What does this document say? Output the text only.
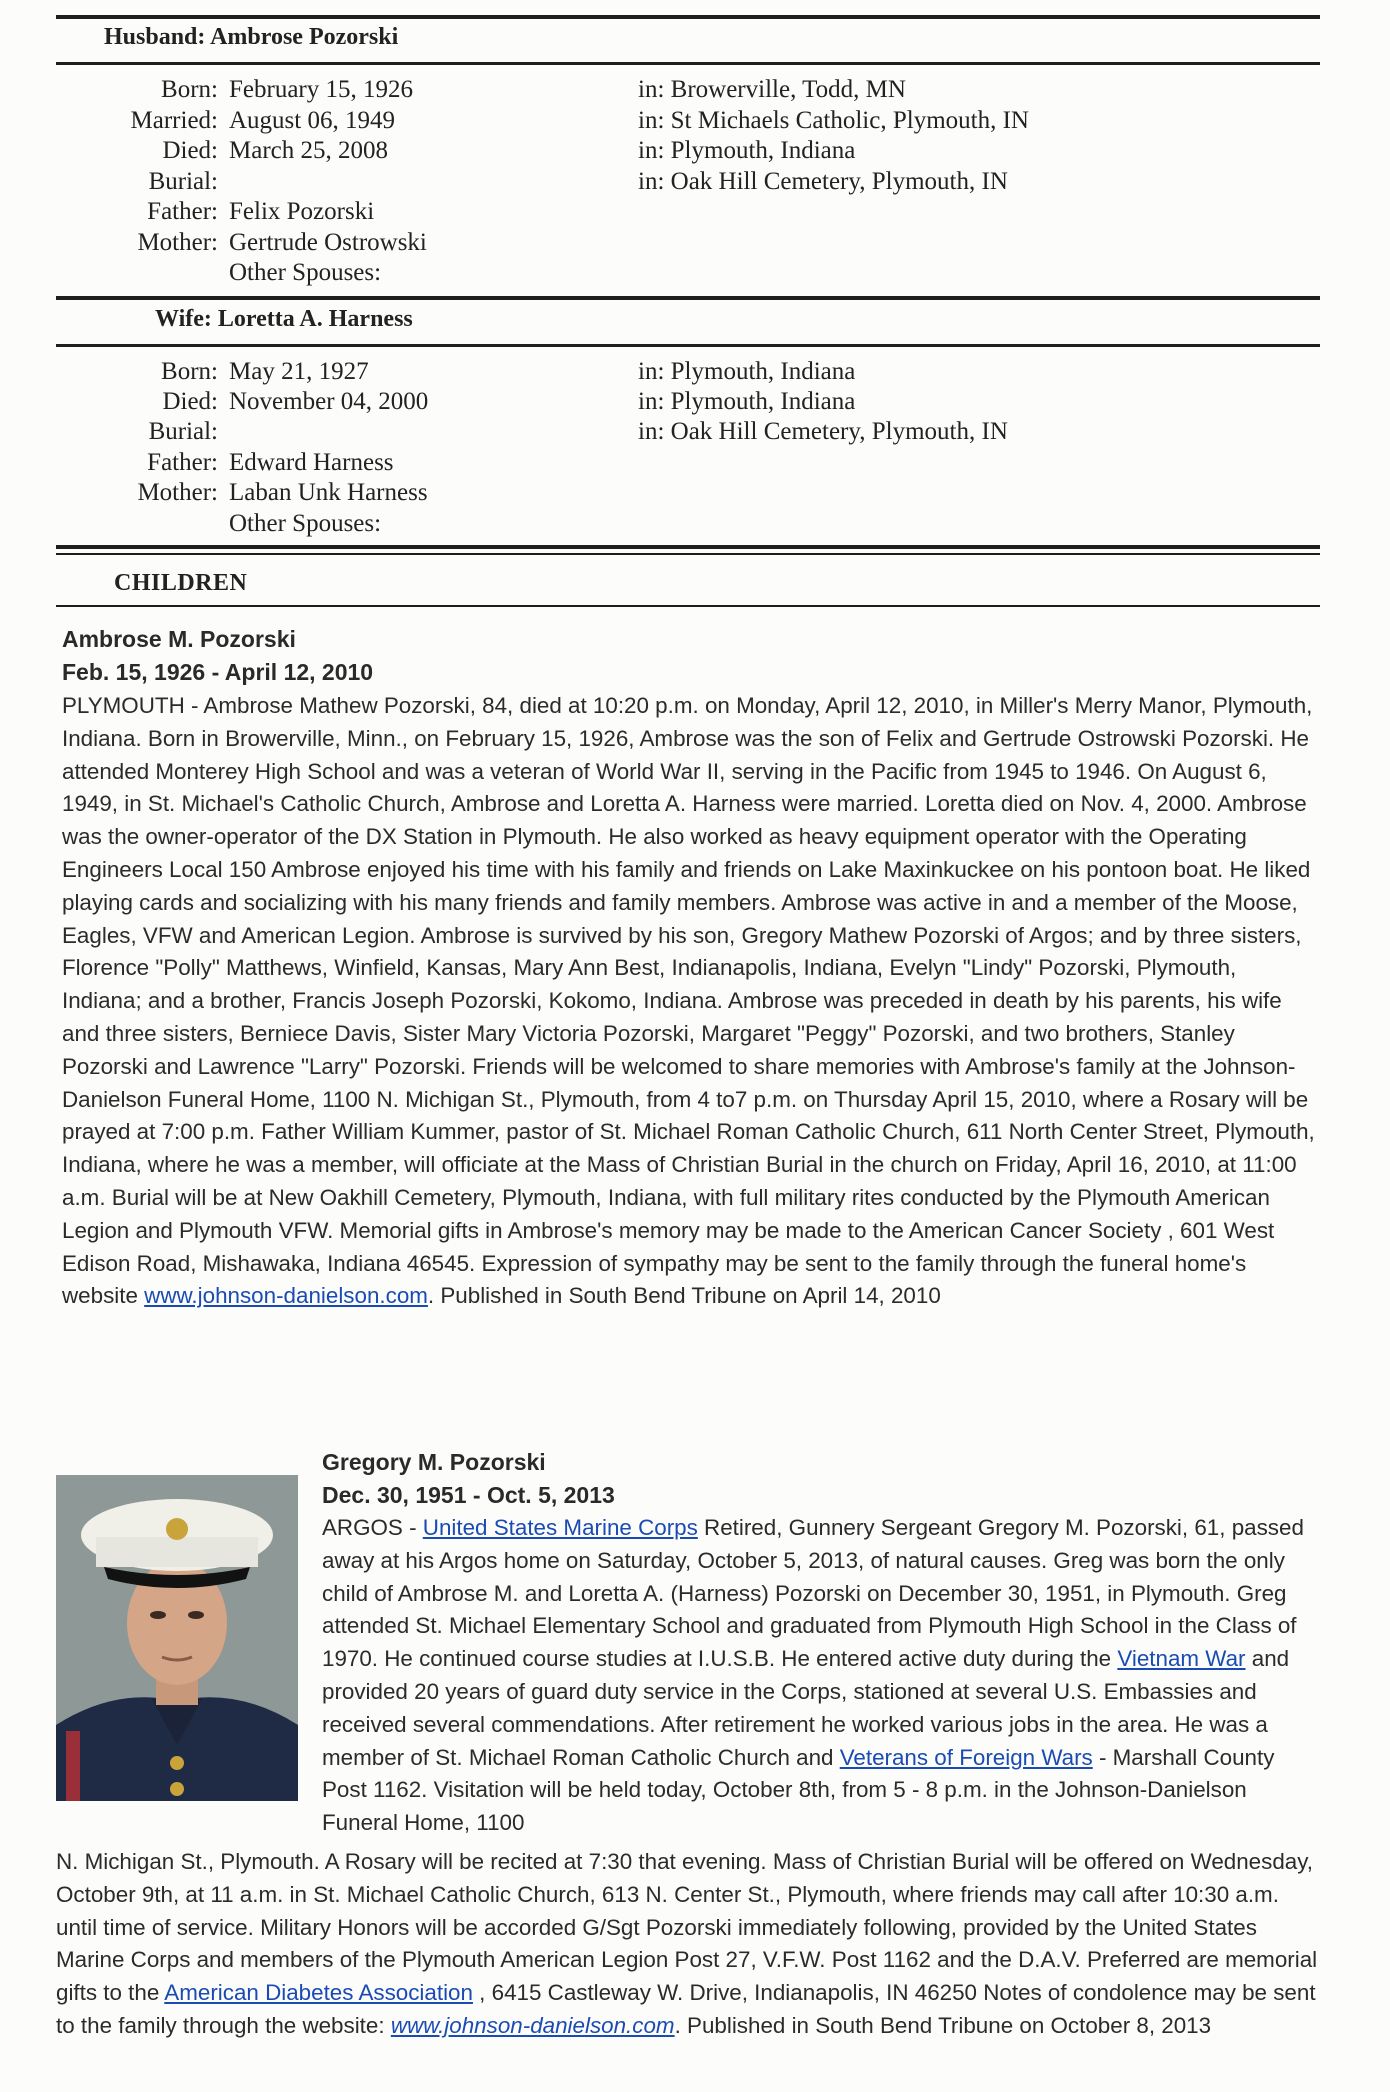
Husband: Ambrose Pozorski
Born: February 15, 1926	in: Browerville, Todd, MN
Married: August 06, 1949	in: St Michaels Catholic, Plymouth, IN
Died: March 25, 2008	in: Plymouth, Indiana
Burial:	in: Oak Hill Cemetery, Plymouth, IN
Father: Felix Pozorski
Mother: Gertrude Ostrowski
Other Spouses:
Wife: Loretta A. Harness
Born: May 21, 1927	in: Plymouth, Indiana
Died: November 04, 2000	in: Plymouth, Indiana
Burial:	in: Oak Hill Cemetery, Plymouth, IN
Father: Edward Harness
Mother: Laban Unk Harness
Other Spouses:
CHILDREN
Ambrose M. Pozorski
Feb. 15, 1926 - April 12, 2010

PLYMOUTH - Ambrose Mathew Pozorski, 84, died at 10:20 p.m. on Monday, April 12, 2010, in Miller's Merry Manor, Plymouth, Indiana. Born in Browerville, Minn., on February 15, 1926, Ambrose was the son of Felix and Gertrude Ostrowski Pozorski. He attended Monterey High School and was a veteran of World War II, serving in the Pacific from 1945 to 1946. On August 6, 1949, in St. Michael's Catholic Church, Ambrose and Loretta A. Harness were married. Loretta died on Nov. 4, 2000. Ambrose was the owner-operator of the DX Station in Plymouth. He also worked as heavy equipment operator with the Operating Engineers Local 150 Ambrose enjoyed his time with his family and friends on Lake Maxinkuckee on his pontoon boat. He liked playing cards and socializing with his many friends and family members. Ambrose was active in and a member of the Moose, Eagles, VFW and American Legion. Ambrose is survived by his son, Gregory Mathew Pozorski of Argos; and by three sisters, Florence "Polly" Matthews, Winfield, Kansas, Mary Ann Best, Indianapolis, Indiana, Evelyn "Lindy" Pozorski, Plymouth, Indiana; and a brother, Francis Joseph Pozorski, Kokomo, Indiana. Ambrose was preceded in death by his parents, his wife and three sisters, Berniece Davis, Sister Mary Victoria Pozorski, Margaret "Peggy" Pozorski, and two brothers, Stanley Pozorski and Lawrence "Larry" Pozorski. Friends will be welcomed to share memories with Ambrose's family at the Johnson-Danielson Funeral Home, 1100 N. Michigan St., Plymouth, from 4 to7 p.m. on Thursday April 15, 2010, where a Rosary will be prayed at 7:00 p.m. Father William Kummer, pastor of St. Michael Roman Catholic Church, 611 North Center Street, Plymouth, Indiana, where he was a member, will officiate at the Mass of Christian Burial in the church on Friday, April 16, 2010, at 11:00 a.m. Burial will be at New Oakhill Cemetery, Plymouth, Indiana, with full military rites conducted by the Plymouth American Legion and Plymouth VFW. Memorial gifts in Ambrose's memory may be made to the American Cancer Society , 601 West Edison Road, Mishawaka, Indiana 46545. Expression of sympathy may be sent to the family through the funeral home's website www.johnson-danielson.com. Published in South Bend Tribune on April 14, 2010

Gregory M. Pozorski
Dec. 30, 1951 - Oct. 5, 2013

ARGOS - United States Marine Corps Retired, Gunnery Sergeant Gregory M. Pozorski, 61, passed away at his Argos home on Saturday, October 5, 2013, of natural causes. Greg was born the only child of Ambrose M. and Loretta A. (Harness) Pozorski on December 30, 1951, in Plymouth. Greg attended St. Michael Elementary School and graduated from Plymouth High School in the Class of 1970. He continued course studies at I.U.S.B. He entered active duty during the Vietnam War and provided 20 years of guard duty service in the Corps, stationed at several U.S. Embassies and received several commendations. After retirement he worked various jobs in the area. He was a member of St. Michael Roman Catholic Church and Veterans of Foreign Wars - Marshall County Post 1162. Visitation will be held today, October 8th, from 5 - 8 p.m. in the Johnson-Danielson Funeral Home, 1100

N. Michigan St., Plymouth. A Rosary will be recited at 7:30 that evening. Mass of Christian Burial will be offered on Wednesday, October 9th, at 11 a.m. in St. Michael Catholic Church, 613 N. Center St., Plymouth, where friends may call after 10:30 a.m. until time of service. Military Honors will be accorded G/Sgt Pozorski immediately following, provided by the United States Marine Corps and members of the Plymouth American Legion Post 27, V.F.W. Post 1162 and the D.A.V. Preferred are memorial gifts to the American Diabetes Association , 6415 Castleway W. Drive, Indianapolis, IN 46250 Notes of condolence may be sent to the family through the website: www.johnson-danielson.com. Published in South Bend Tribune on October 8, 2013
